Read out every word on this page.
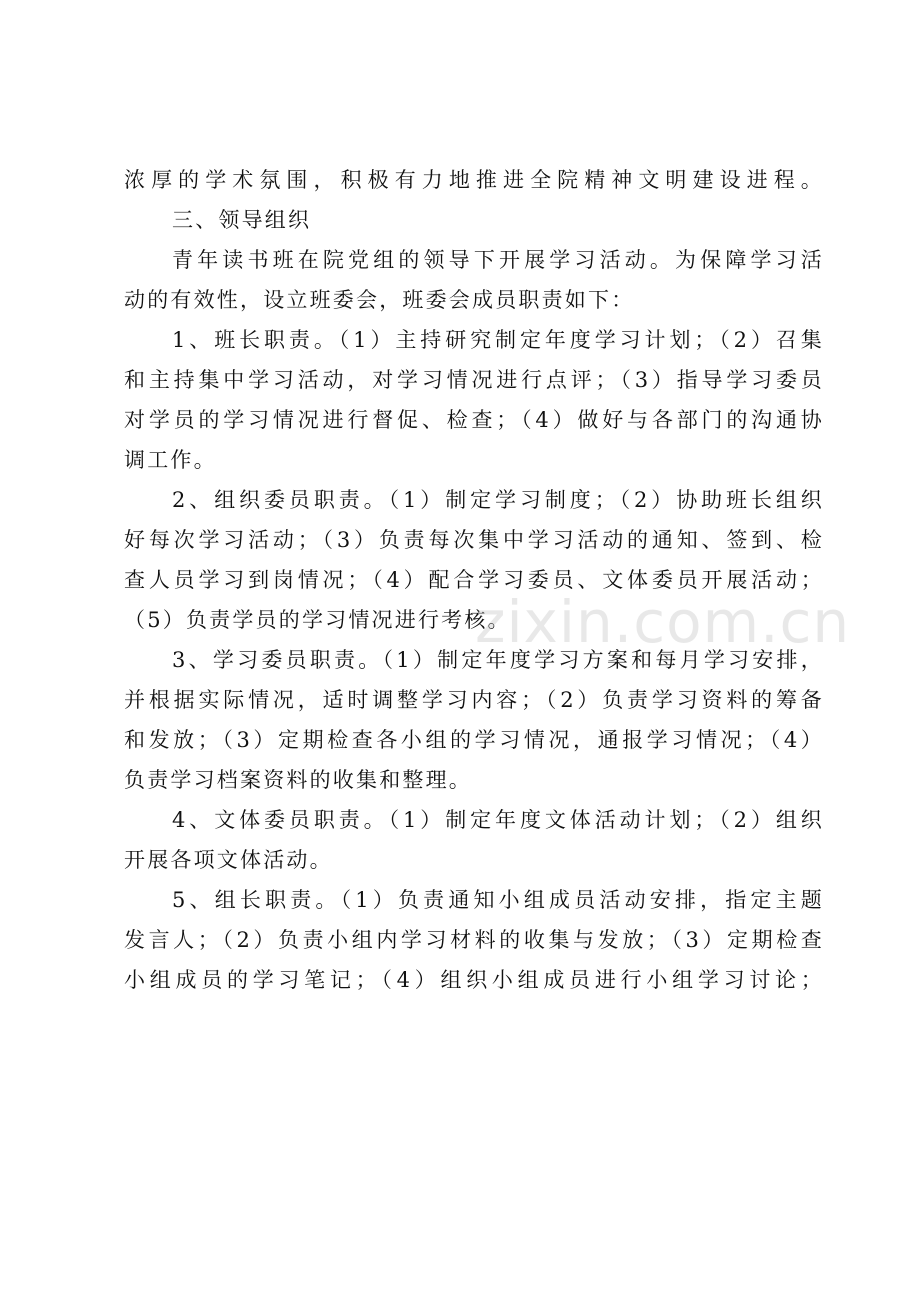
浓厚的学术氛围，积极有力地推进全院精神文明建设进程。
三、领导组织
青年读书班在院党组的领导下开展学习活动。为保障学习活
动的有效性，设立班委会，班委会成员职责如下：
1、班长职责。（1）主持研究制定年度学习计划；（2）召集
和主持集中学习活动，对学习情况进行点评；（3）指导学习委员
对学员的学习情况进行督促、检查；（4）做好与各部门的沟通协
调工作。
2、组织委员职责。（1）制定学习制度；（2）协助班长组织
好每次学习活动；（3）负责每次集中学习活动的通知、签到、检
查人员学习到岗情况；（4）配合学习委员、文体委员开展活动；
（5）负责学员的学习情况进行考核。
3、学习委员职责。（1）制定年度学习方案和每月学习安排，
并根据实际情况，适时调整学习内容；（2）负责学习资料的筹备
和发放；（3）定期检查各小组的学习情况，通报学习情况；（4）
负责学习档案资料的收集和整理。
4、文体委员职责。（1）制定年度文体活动计划；（2）组织
开展各项文体活动。
5、组长职责。（1）负责通知小组成员活动安排，指定主题
发言人；（2）负责小组内学习材料的收集与发放；（3）定期检查
小组成员的学习笔记；（4）组织小组成员进行小组学习讨论；
zixin.com.cn
